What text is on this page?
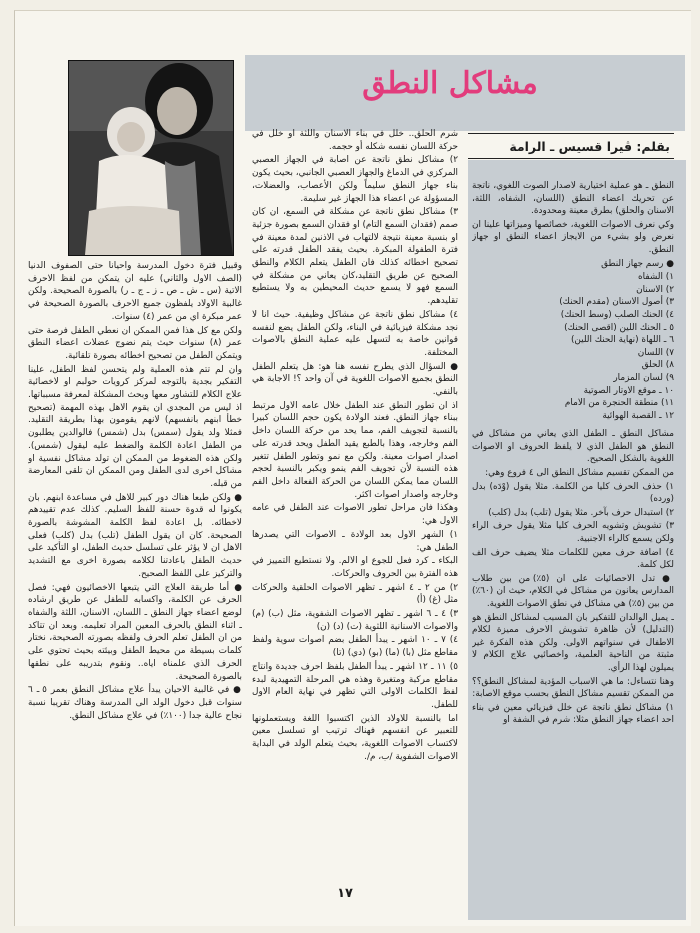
مشاكل النطق
بقلم: ڤيرا قسيس ـ الرامة

النطق ـ هو عملية اختيارية لاصدار الصوت اللغوي، ناتجة عن تحريك اعضاء النطق (اللسان، الشفاه، اللثة، الاسنان والحلق) بطرق معينة ومحدودة.

وكي نعرف الاصوات اللغوية، خصائصها وميزاتها علينا ان نعرض ولو بشيء من الايجاز اعضاء النطق او جهاز النطق.

● رسم جهاز النطق

١) الشفاه

٢) الاسنان

٣) أصول الاسنان (مقدم الحنك)

٤) الحنك الصلب (وسط الحنك)

٥ ـ الحنك اللين (اقصى الحنك)

٦ ـ اللهاة (نهاية الحنك اللين)

٧) اللسان

٨) الحلق

٩) لسان المزمار

١٠ ـ موقع الاوتار الصوتية

١١) منطقة الحنجرة من الامام

١٢ ـ القصبة الهوائية

مشاكل النطق ـ الطفل الذي يعاني من مشاكل في النطق هو الطفل الذي لا يلفظ الحروف او الاصوات اللغوية بالشكل الصحيح.

من الممكن تقسيم مشاكل النطق الى ٤ فروع وهي:

١) حذف الحرف كليا من الكلمة. مثلا يقول (وْدَه) بدل (ورده)

٢) استبدال حرف بآخر. مثلا يقول (تلب) بدل (كلب)

٣) تشويش وتشويه الحرف كليا مثلا يقول حرف الراء ولكن يسمع كالراء الاجنبية.

٤) اضافة حرف معين للكلمات مثلا يضيف حرف الف لكل كلمة.

● تدل الاحصائيات على ان (٥٪) من بين طلاب المدارس يعانون من مشاكل في الكلام، حيث ان (٦٠٪) من بين (٥٪) هي مشاكل في نطق الاصوات اللغوية.

ـ يميل الوالدان للتفكير بان المسبب لمشاكل النطق هو (التدليل) لأن ظاهرة تشويش الاحرف مميزة لكلام الاطفال في سنواتهم الاولى. ولكن هذه الفكرة غير مثبتة من الناحية العلمية، واخصائيي علاج الكلام لا يميلون لهذا الرأي.

وهنا نتساءل: ما هي الاسباب المؤدية لمشاكل النطق؟؟ من الممكن تقسيم مشاكل النطق بحسب موقع الاصابة:

١) مشاكل نطق ناتجة عن خلل فيزيائي معين في بناء احد اعضاء جهاز النطق مثلا: شرم في الشفة او

شرم الحلق.. خلل في بناء الاسنان واللثة او خلل في حركة اللسان نفسه شكله أو حجمه.

٢) مشاكل نطق ناتجة عن اصابة في الجهاز العصبي المركزي في الدماغ والجهاز العصبي الجانبي، بحيث يكون بناء جهاز النطق سليماً ولكن الأعصاب، والعضلات، المسؤولة عن اعضاء هذا الجهاز غير سليمة.

٣) مشاكل نطق ناتجة عن مشكلة في السمع، ان كان صمم (فقدان السمع التام) او فقدان السمع بصورة جزئية او بنسبة معينة نتيجة لالتهاب في الاذنين لمدة معينة في فترة الطفولة المبكرة. بحيث يفقد الطفل قدرته على تصحيح اخطائه كذلك فان الطفل يتعلم الكلام والنطق الصحيح عن طريق التقليد،كان يعاني من مشكلة في السمع فهو لا يسمع حديث المحيطين به ولا يستطيع تقليدهم.

٤) مشاكل نطق ناتجة عن مشاكل وظيفية. حيث انا لا نجد مشكلة فيزيائية في البناء، ولكن الطفل يضع لنفسه قوانين خاصة به لتسهل عليه عملية النطق بالاصوات المختلفة.

● السؤال الذي يطرح نفسه هنا هو: هل يتعلم الطفل النطق بجميع الاصوات اللغوية في آن واحد ؟! الاجابة هي بالنفي.

اذ ان تطور النطق عند الطفل خلال عامه الاول مرتبط ببناء جهاز النطق. فعند الولادة يكون حجم اللسان كبيرا بالنسبة لتجويف الفم، مما يحد من حركة اللسان داخل الفم وخارجه، وهذا بالطبع يقيد الطفل ويحد قدرته على اصدار اصوات معينة. ولكن مع نمو وتطور الطفل تتغير هذه النسبة لأن تجويف الفم ينمو ويكبر بالنسبة لحجم اللسان مما يمكن اللسان من الحركة الفعالة داخل الفم وخارجه واصدار اصوات اكثر.

وهكذا فان مراحل تطور الاصوات عند الطفل في عامه الاول هي:

١) الشهر الاول بعد الولادة ـ الاصوات التي يصدرها الطفل هي:

البكاء ـ كرد فعل للجوع او الالم. ولا نستطيع التمييز في هذه الفترة بين الحروف والحركات.

٢) من ٢ ـ ٤ اشهر ـ تظهر الاصوات الحلقية والحركات مثل (غ) (أ)

٣) ٤ ـ ٦ اشهر ـ تظهر الاصوات الشفوية، مثل (ب) (م) والاصوات الاسنانية اللثوية (ت) (د) (ن)

٤) ٧ ـ ١٠ اشهر ـ يبدأ الطفل بضم اصوات سوية ولفظ مقاطع مثل (با) (ما) (بو) (دي) (تا)

٥) ١١ ـ ١٢ اشهر ـ يبدأ الطفل بلفظ احرف جديدة وانتاج مقاطع مركبة ومتغيرة وهذه هي المرحلة التمهيدية لبدء لفظ الكلمات الاولى التي تظهر في نهاية العام الاول للطفل.

اما بالنسبة للاولاد الذين اكتسبوا اللغة ويستعملونها للتعبير عن انفسهم فهناك ترتيب او تسلسل معين لاكتساب الاصوات اللغوية، بحيث يتعلم الولد في البداية الاصوات الشفوية /ب، م/.

وقبيل فترة دخول المدرسة واحيانا حتى الصفوف الدنيا (الصف الاول والثاني) عليه ان يتمكن من لفظ الاحرف الاتية (س ـ ش ـ ص ـ ز ـ ج ـ ر) بالصورة الصحيحة. ولكن غالبية الاولاد يلفظون جميع الاحرف بالصورة الصحيحة في عمر مبكرة اي من عمر (٤) سنوات.

ولكن مع كل هذا فمن الممكن ان نعطي الطفل فرصة حتى عمر (٨) سنوات حيث يتم نضوج عضلات اعضاء النطق ويتمكن الطفل من تصحيح اخطائه بصورة تلقائية.

وان لم تتم هذه العملية ولم يتحسن لفظ الطفل، علينا التفكير بجدية بالتوجه لمركز كرويات حولبم او لاخصائية علاج الكلام للتشاور معها وبحث المشكلة لمعرفة مسبباتها. اذ ليس من المجدي ان يقوم الاهل بهذه المهمة (تصحيح خطأ ابنهم بانفسهم) لانهم يقومون بهذا بطريقة التقليد. فمثلا ولد يقول (سمس) بدل (شمس) فالوالدين يطلبون من الطفل اعادة الكلمة والضغط عليه ليقول (شمس). ولكن هذه الضغوط من الممكن ان تولد مشاكل نفسية او مشاكل اخرى لدى الطفل ومن الممكن ان تلقى المعارضة من قبله.

● ولكن طبعا هناك دور كبير للاهل في مساعدة ابنهم. بان يكونوا له قدوة حسنة للفظ السليم. كذلك عدم تقييدهم لاخطائه. بل اعادة لفظ الكلمة المشوشة بالصورة الصحيحة. كان ان يقول الطفل (تلب) بدل (كلب) فعلى الاهل ان لا يؤثر على تسلسل حديث الطفل، او التأكيد على حديث الطفل باعادتنا لكلامه بصورة اخرى مع التشديد والتركيز على اللفظ الصحيح.

● أما طريقة العلاج التي يتبعها الاخصائيون فهي: فصل الحرف عن الكلمة، واكسابه للطفل عن طريق ارشاده لوضع اعضاء جهاز النطق ـ اللسان، الاسنان، اللثة والشفاه ـ اثناء النطق بالحرف المعين المراد تعليمه. وبعد ان تتاكد من ان الطفل تعلم الحرف ولفظه بصورته الصحيحة، نختار كلمات بسيطة من محيط الطفل وبيئته بحيث تحتوي على الحرف الذي علمناه اياه.. ونقوم بتدريبه على نطقها بالصورة الصحيحة.

● في غالبية الاحيان يبدأ علاج مشاكل النطق بعمر ٥ ـ ٦ سنوات قبل دخول الولد الى المدرسة وهناك تقريبا نسبة نجاح عالية جدا (١٠٠٪) في علاج مشاكل النطق.

١٧
